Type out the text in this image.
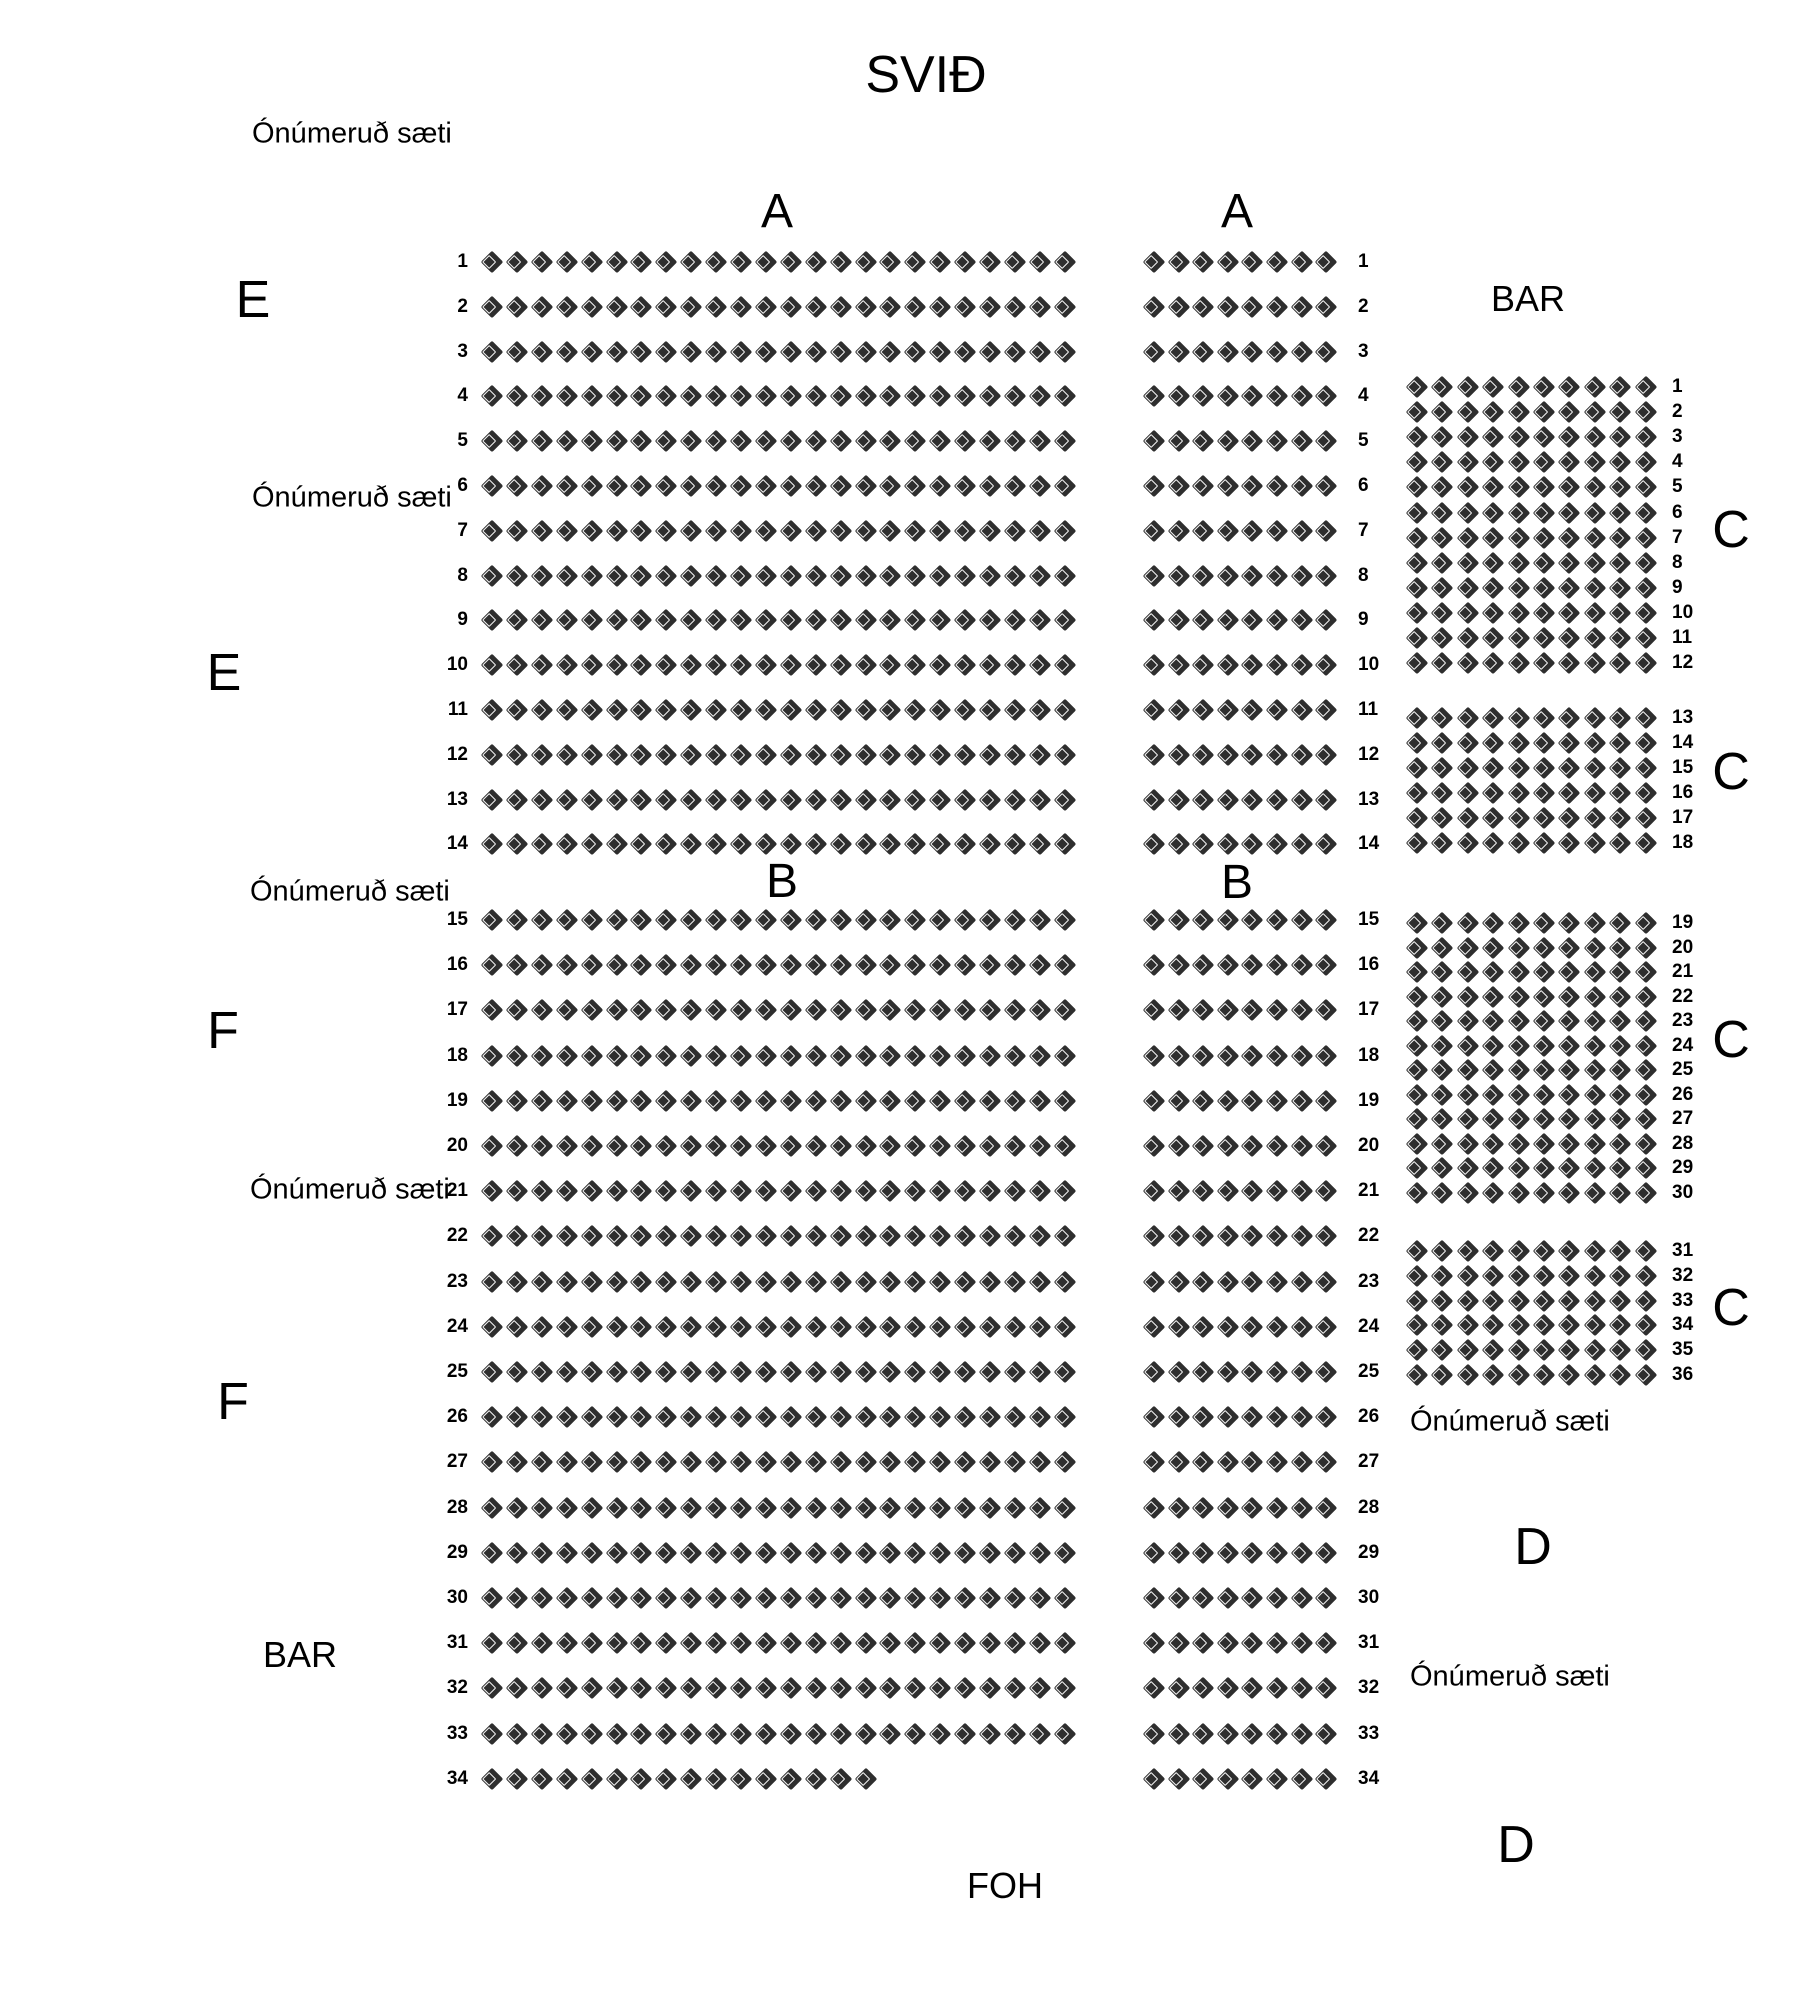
SVIÐ
Ónúmeruð sæti
E
Ónúmeruð sæti
E
Ónúmeruð sæti
F
Ónúmeruð sæti
F
BAR
A	A
B	B
BAR
C
C
C
C
Ónúmeruð sæti
D
Ónúmeruð sæti
D
1
2
3
4
5
6
7
8
9
10
11
12
13
14
15
16
17
18
19
20
21
22
23
24
25
26
27
28
29
30
31
32
33
34
1
2
3
4
5
6
7
8
9
10
11
12
13
14
15
16
17
18
19
20
21
22
23
24
25
26
27
28
29
30
31
32
33
34
1
2
3
4
5
6
7
8
9
10
11
12
13
14
15
16
17
18
19
20
21
22
23
24
25
26
27
28
29
30
31
32
33
34
35
36
FOH
